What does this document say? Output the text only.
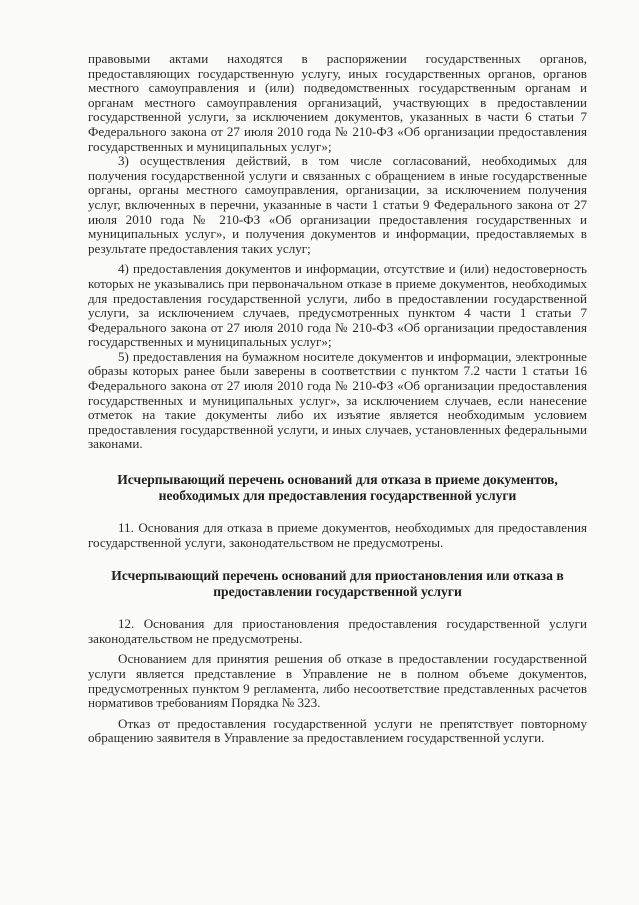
правовыми актами находятся в распоряжении государственных органов, предоставляющих государственную услугу, иных государственных органов, органов местного самоуправления и (или) подведомственных государственным органам и органам местного самоуправления организаций, участвующих в предоставлении государственной услуги, за исключением документов, указанных в части 6 статьи 7 Федерального закона от 27 июля 2010 года № 210-ФЗ «Об организации предоставления государственных и муниципальных услуг»;

3) осуществления действий, в том числе согласований, необходимых для получения государственной услуги и связанных с обращением в иные государственные органы, органы местного самоуправления, организации, за исключением получения услуг, включенных в перечни, указанные в части 1 статьи 9 Федерального закона от 27 июля 2010 года № 210-ФЗ «Об организации предоставления государственных и муниципальных услуг», и получения документов и информации, предоставляемых в результате предоставления таких услуг;

4) предоставления документов и информации, отсутствие и (или) недостоверность которых не указывались при первоначальном отказе в приеме документов, необходимых для предоставления государственной услуги, либо в предоставлении государственной услуги, за исключением случаев, предусмотренных пунктом 4 части 1 статьи 7 Федерального закона от 27 июля 2010 года № 210-ФЗ «Об организации предоставления государственных и муниципальных услуг»;

5) предоставления на бумажном носителе документов и информации, электронные образы которых ранее были заверены в соответствии с пунктом 7.2 части 1 статьи 16 Федерального закона от 27 июля 2010 года № 210-ФЗ «Об организации предоставления государственных и муниципальных услуг», за исключением случаев, если нанесение отметок на такие документы либо их изъятие является необходимым условием предоставления государственной услуги, и иных случаев, установленных федеральными законами.

Исчерпывающий перечень оснований для отказа в приеме документов, необходимых для предоставления государственной услуги

11. Основания для отказа в приеме документов, необходимых для предоставления государственной услуги, законодательством не предусмотрены.

Исчерпывающий перечень оснований для приостановления или отказа в предоставлении государственной услуги

12. Основания для приостановления предоставления государственной услуги законодательством не предусмотрены.

Основанием для принятия решения об отказе в предоставлении государственной услуги является представление в Управление не в полном объеме документов, предусмотренных пунктом 9 регламента, либо несоответствие представленных расчетов нормативов требованиям Порядка № 323.

Отказ от предоставления государственной услуги не препятствует повторному обращению заявителя в Управление за предоставлением государственной услуги.
